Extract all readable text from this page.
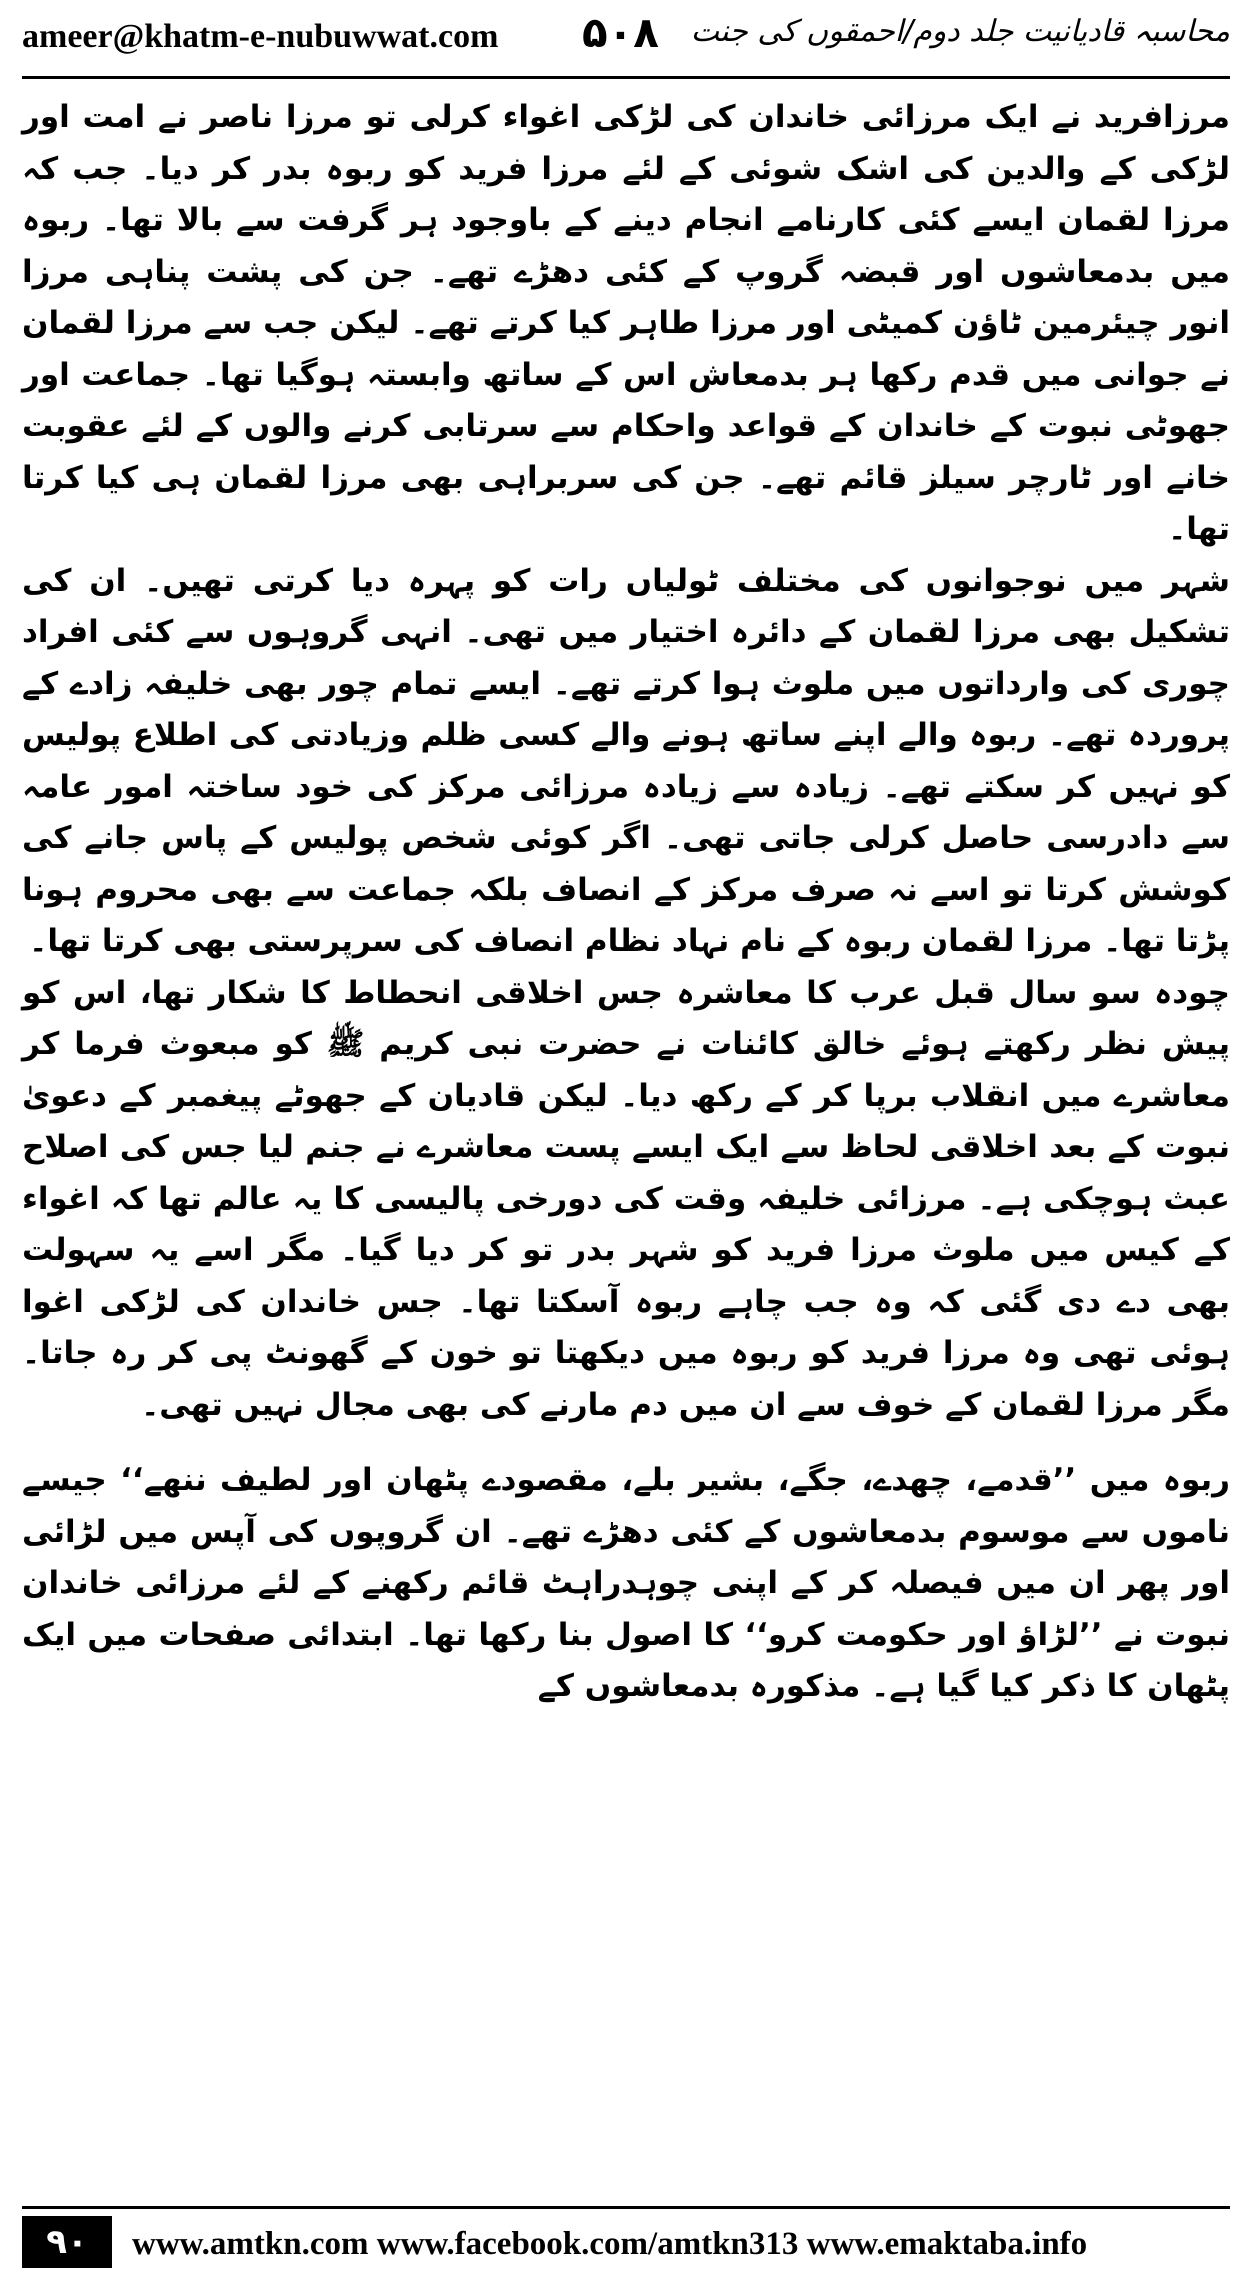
ameer@khatm-e-nubuwwat.com ۵۰۸ محاسبہ قادیانیت جلد دوم/احمقوں کی جنت

مرزافرید نے ایک مرزائی خاندان کی لڑکی اغواء کرلی تو مرزا ناصر نے امت اور لڑکی کے والدین کی اشک شوئی کے لئے مرزا فرید کو ربوہ بدر کر دیا۔ جب کہ مرزا لقمان ایسے کئی کارنامے انجام دینے کے باوجود ہر گرفت سے بالا تھا۔ ربوہ میں بدمعاشوں اور قبضہ گروپ کے کئی دھڑے تھے۔ جن کی پشت پناہی مرزا انور چیئرمین ٹاؤن کمیٹی اور مرزا طاہر کیا کرتے تھے۔ لیکن جب سے مرزا لقمان نے جوانی میں قدم رکھا ہر بدمعاش اس کے ساتھ وابستہ ہوگیا تھا۔ جماعت اور جھوٹی نبوت کے خاندان کے قواعد واحکام سے سرتابی کرنے والوں کے لئے عقوبت خانے اور ٹارچر سیلز قائم تھے۔ جن کی سربراہی بھی مرزا لقمان ہی کیا کرتا تھا۔

شہر میں نوجوانوں کی مختلف ٹولیاں رات کو پہرہ دیا کرتی تھیں۔ ان کی تشکیل بھی مرزا لقمان کے دائرہ اختیار میں تھی۔ انہی گروہوں سے کئی افراد چوری کی وارداتوں میں ملوث ہوا کرتے تھے۔ ایسے تمام چور بھی خلیفہ زادے کے پروردہ تھے۔ ربوہ والے اپنے ساتھ ہونے والے کسی ظلم وزیادتی کی اطلاع پولیس کو نہیں کر سکتے تھے۔ زیادہ سے زیادہ مرزائی مرکز کی خود ساختہ امور عامہ سے دادرسی حاصل کرلی جاتی تھی۔ اگر کوئی شخص پولیس کے پاس جانے کی کوشش کرتا تو اسے نہ صرف مرکز کے انصاف بلکہ جماعت سے بھی محروم ہونا پڑتا تھا۔ مرزا لقمان ربوہ کے نام نہاد نظام انصاف کی سرپرستی بھی کرتا تھا۔

چودہ سو سال قبل عرب کا معاشرہ جس اخلاقی انحطاط کا شکار تھا، اس کو پیش نظر رکھتے ہوئے خالق کائنات نے حضرت نبی کریم ﷺ کو مبعوث فرما کر معاشرے میں انقلاب برپا کر کے رکھ دیا۔ لیکن قادیان کے جھوٹے پیغمبر کے دعویٰ نبوت کے بعد اخلاقی لحاظ سے ایک ایسے پست معاشرے نے جنم لیا جس کی اصلاح عبث ہوچکی ہے۔ مرزائی خلیفہ وقت کی دورخی پالیسی کا یہ عالم تھا کہ اغواء کے کیس میں ملوث مرزا فرید کو شہر بدر تو کر دیا گیا۔ مگر اسے یہ سہولت بھی دے دی گئی کہ وہ جب چاہے ربوہ آسکتا تھا۔ جس خاندان کی لڑکی اغوا ہوئی تھی وہ مرزا فرید کو ربوہ میں دیکھتا تو خون کے گھونٹ پی کر رہ جاتا۔ مگر مرزا لقمان کے خوف سے ان میں دم مارنے کی بھی مجال نہیں تھی۔

ربوہ میں ’’قدمے، چھدے، جگے، بشیر بلے، مقصودے پٹھان اور لطیف ننھے‘‘ جیسے ناموں سے موسوم بدمعاشوں کے کئی دھڑے تھے۔ ان گروپوں کی آپس میں لڑائی اور پھر ان میں فیصلہ کر کے اپنی چوہدراہٹ قائم رکھنے کے لئے مرزائی خاندان نبوت نے ’’لڑاؤ اور حکومت کرو‘‘ کا اصول بنا رکھا تھا۔ ابتدائی صفحات میں ایک پٹھان کا ذکر کیا گیا ہے۔ مذکورہ بدمعاشوں کے

۹۰	www.amtkn.com www.facebook.com/amtkn313 www.emaktaba.info
